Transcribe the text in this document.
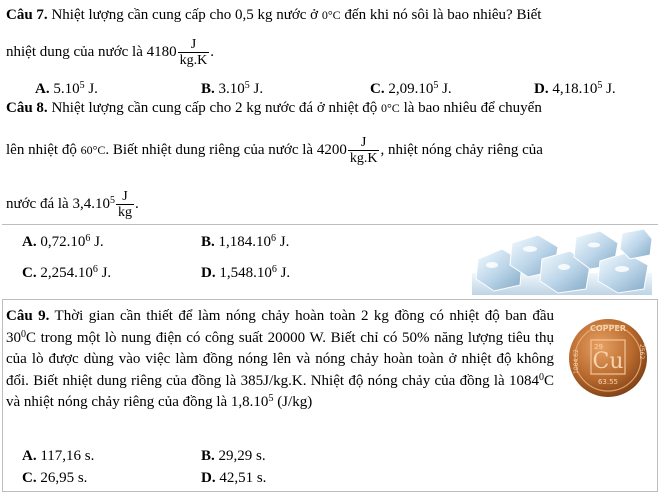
Câu 7. Nhiệt lượng cần cung cấp cho 0,5 kg nước ở 0°C đến khi nó sôi là bao nhiêu? Biết
nhiệt dung của nước là $4180 \frac{J}{kg.K}$ .
A. 5.10$^5$ J.	B. 3.10$^5$ J.	C. 2,09.10$^5$ J.	D. 4,18.10$^5$ J.
Câu 8. Nhiệt lượng cần cung cấp cho 2 kg nước đá ở nhiệt độ 0°C là bao nhiêu để chuyển
lên nhiệt độ 60°C. Biết nhiệt dung riêng của nước là $4200 \frac{J}{kg.K}$ , nhiệt nóng chảy riêng của
nước đá là $3,4.10^5 \frac{J}{kg}$ .
A. 0,72.10$^6$ J.	B. 1,184.10$^6$ J.
C. 2,254.10$^6$ J.	D. 1,548.10$^6$ J.
Câu 9. Thời gian cần thiết để làm nóng chảy hoàn toàn 2 kg đồng có nhiệt độ ban đầu $30^0C$ trong một lò nung điện có công suất 20000 W. Biết chỉ có 50% năng lượng tiêu thụ của lò được dùng vào việc làm đồng nóng lên và nóng chảy hoàn toàn ở nhiệt độ không đổi. Biết nhiệt dung riêng của đồng là 385J/kg.K. Nhiệt độ nóng chảy của đồng là 1084$^0$C và nhiệt nóng chảy riêng của đồng là 1,8.10$^5$ (J/kg)
A. 117,16 s.	B. 29,29 s.
C. 26,95 s.	D. 42,51 s.
COPPER
29
Cu
63.55
1084.62	2562
